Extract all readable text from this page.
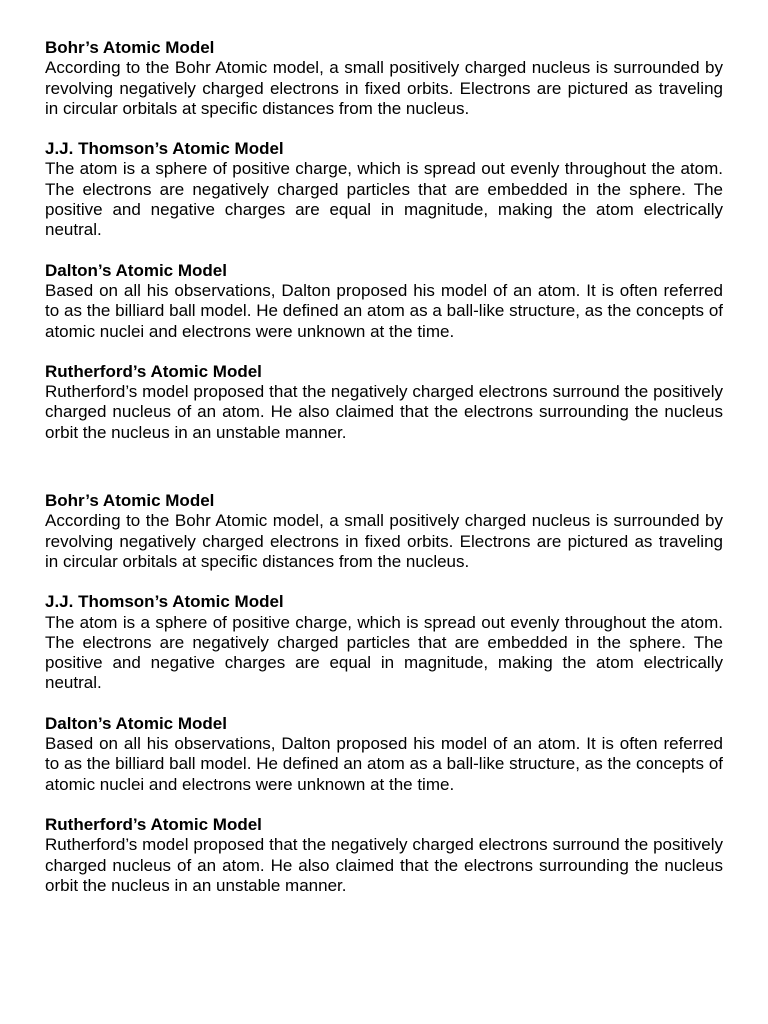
Bohr’s Atomic Model

According to the Bohr Atomic model, a small positively charged nucleus is surrounded by revolving negatively charged electrons in fixed orbits. Electrons are pictured as traveling in circular orbitals at specific distances from the nucleus.

J.J. Thomson’s Atomic Model

The atom is a sphere of positive charge, which is spread out evenly throughout the atom. The electrons are negatively charged particles that are embedded in the sphere. The positive and negative charges are equal in magnitude, making the atom electrically neutral.

Dalton’s Atomic Model

Based on all his observations, Dalton proposed his model of an atom. It is often referred to as the billiard ball model. He defined an atom as a ball-like structure, as the concepts of atomic nuclei and electrons were unknown at the time.

Rutherford’s Atomic Model

Rutherford’s model proposed that the negatively charged electrons surround the positively charged nucleus of an atom. He also claimed that the electrons surrounding the nucleus orbit the nucleus in an unstable manner.

Bohr’s Atomic Model

According to the Bohr Atomic model, a small positively charged nucleus is surrounded by revolving negatively charged electrons in fixed orbits. Electrons are pictured as traveling in circular orbitals at specific distances from the nucleus.

J.J. Thomson’s Atomic Model

The atom is a sphere of positive charge, which is spread out evenly throughout the atom. The electrons are negatively charged particles that are embedded in the sphere. The positive and negative charges are equal in magnitude, making the atom electrically neutral.

Dalton’s Atomic Model

Based on all his observations, Dalton proposed his model of an atom. It is often referred to as the billiard ball model. He defined an atom as a ball-like structure, as the concepts of atomic nuclei and electrons were unknown at the time.

Rutherford’s Atomic Model

Rutherford’s model proposed that the negatively charged electrons surround the positively charged nucleus of an atom. He also claimed that the electrons surrounding the nucleus orbit the nucleus in an unstable manner.
